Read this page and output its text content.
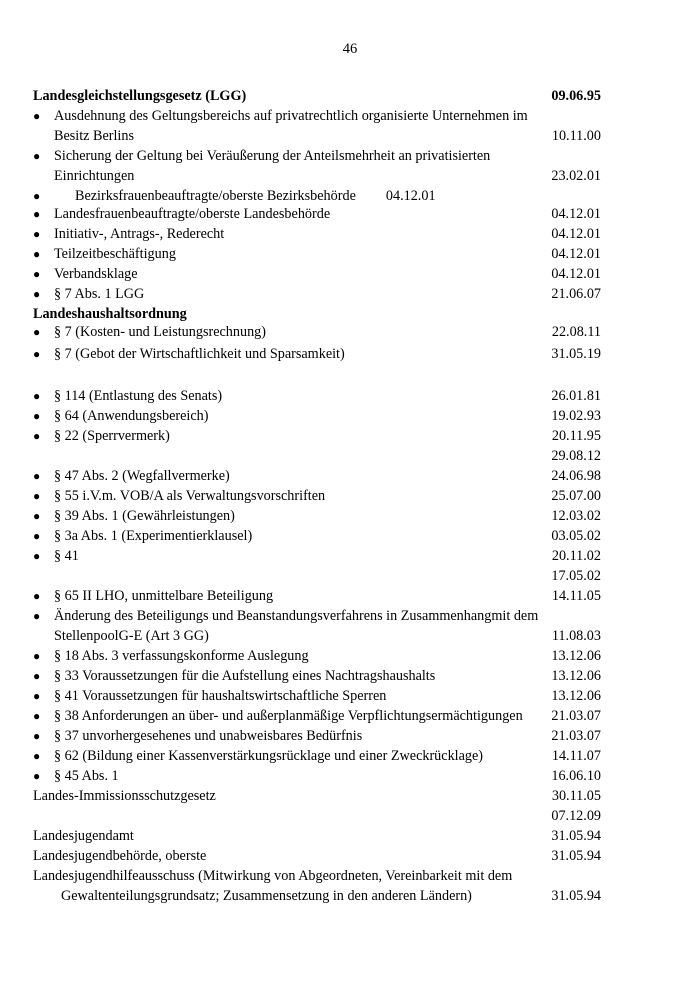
46
Landesgleichstellungsgesetz (LGG)	09.06.95
● Ausdehnung des Geltungsbereichs auf privatrechtlich organisierte Unternehmen im
Besitz Berlins	10.11.00
● Sicherung der Geltung bei Veräußerung der Anteilsmehrheit an privatisierten
Einrichtungen	23.02.01
● Bezirksfrauenbeauftragte/oberste Bezirksbehörde 04.12.01
● Landesfrauenbeauftragte/oberste Landesbehörde	04.12.01
● Initiativ-, Antrags-, Rederecht	04.12.01
● Teilzeitbeschäftigung	04.12.01
● Verbandsklage	04.12.01
● § 7 Abs. 1 LGG	21.06.07
Landeshaushaltsordnung
● § 7 (Kosten- und Leistungsrechnung)	22.08.11
● § 7 (Gebot der Wirtschaftlichkeit und Sparsamkeit)	31.05.19
● § 114 (Entlastung des Senats)	26.01.81
● § 64 (Anwendungsbereich)	19.02.93
● § 22 (Sperrvermerk)	20.11.95
29.08.12
● § 47 Abs. 2 (Wegfallvermerke)	24.06.98
● § 55 i.V.m. VOB/A als Verwaltungsvorschriften	25.07.00
● § 39 Abs. 1 (Gewährleistungen)	12.03.02
● § 3a Abs. 1 (Experimentierklausel)	03.05.02
● § 41	20.11.02
17.05.02
● § 65 II LHO, unmittelbare Beteiligung	14.11.05
● Änderung des Beteiligungs und Beanstandungsverfahrens in Zusammenhangmit dem
StellenpoolG-E (Art 3 GG)	11.08.03
● § 18 Abs. 3 verfassungskonforme Auslegung	13.12.06
● § 33 Voraussetzungen für die Aufstellung eines Nachtragshaushalts	13.12.06
● § 41 Voraussetzungen für haushaltswirtschaftliche Sperren	13.12.06
● § 38 Anforderungen an über- und außerplanmäßige Verpflichtungsermächtigungen 21.03.07
● § 37 unvorhergesehenes und unabweisbares Bedürfnis	21.03.07
● § 62 (Bildung einer Kassenverstärkungsrücklage und einer Zweckrücklage)	14.11.07
● § 45 Abs. 1	16.06.10
Landes-Immissionsschutzgesetz	30.11.05
07.12.09
Landesjugendamt	31.05.94
Landesjugendbehörde, oberste	31.05.94
Landesjugendhilfeausschuss (Mitwirkung von Abgeordneten, Vereinbarkeit mit dem
Gewaltenteilungsgrundsatz; Zusammensetzung in den anderen Ländern)	31.05.94
